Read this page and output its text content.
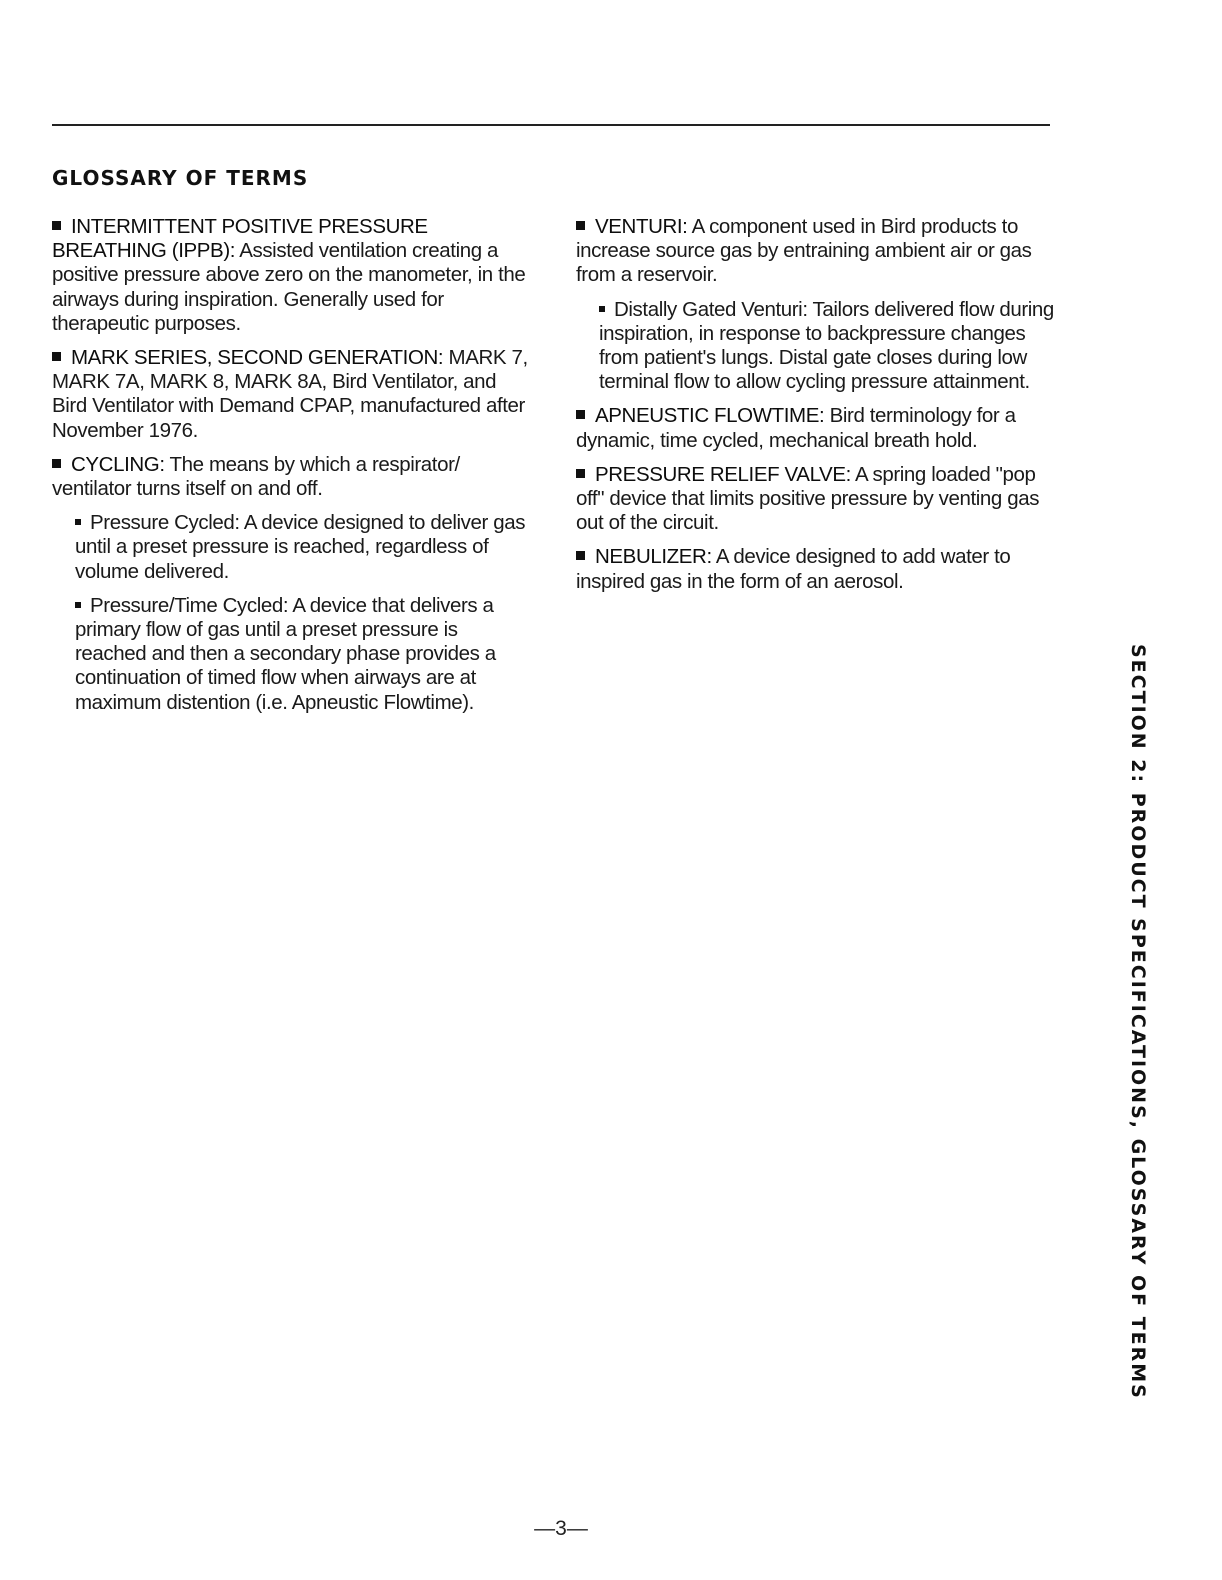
GLOSSARY OF TERMS

INTERMITTENT POSITIVE PRESSURE BREATHING (IPPB): Assisted ventilation creating a positive pressure above zero on the manometer, in the airways during inspiration. Generally used for therapeutic purposes.

MARK SERIES, SECOND GENERATION: MARK 7, MARK 7A, MARK 8, MARK 8A, Bird Ventilator, and Bird Ventilator with Demand CPAP, manufactured after November 1976.

CYCLING: The means by which a respirator/ ventilator turns itself on and off.

Pressure Cycled: A device designed to deliver gas until a preset pressure is reached, regardless of volume delivered.

Pressure/Time Cycled: A device that delivers a primary flow of gas until a preset pressure is reached and then a secondary phase provides a continuation of timed flow when airways are at maximum distention (i.e. Apneustic Flowtime).

VENTURI: A component used in Bird products to increase source gas by entraining ambient air or gas from a reservoir.

Distally Gated Venturi: Tailors delivered flow during inspiration, in response to backpressure changes from patient's lungs. Distal gate closes during low terminal flow to allow cycling pressure attainment.

APNEUSTIC FLOWTIME: Bird terminology for a dynamic, time cycled, mechanical breath hold.

PRESSURE RELIEF VALVE: A spring loaded "pop off" device that limits positive pressure by venting gas out of the circuit.

NEBULIZER: A device designed to add water to inspired gas in the form of an aerosol.

SECTION 2: PRODUCT SPECIFICATIONS, GLOSSARY OF TERMS
—3—
